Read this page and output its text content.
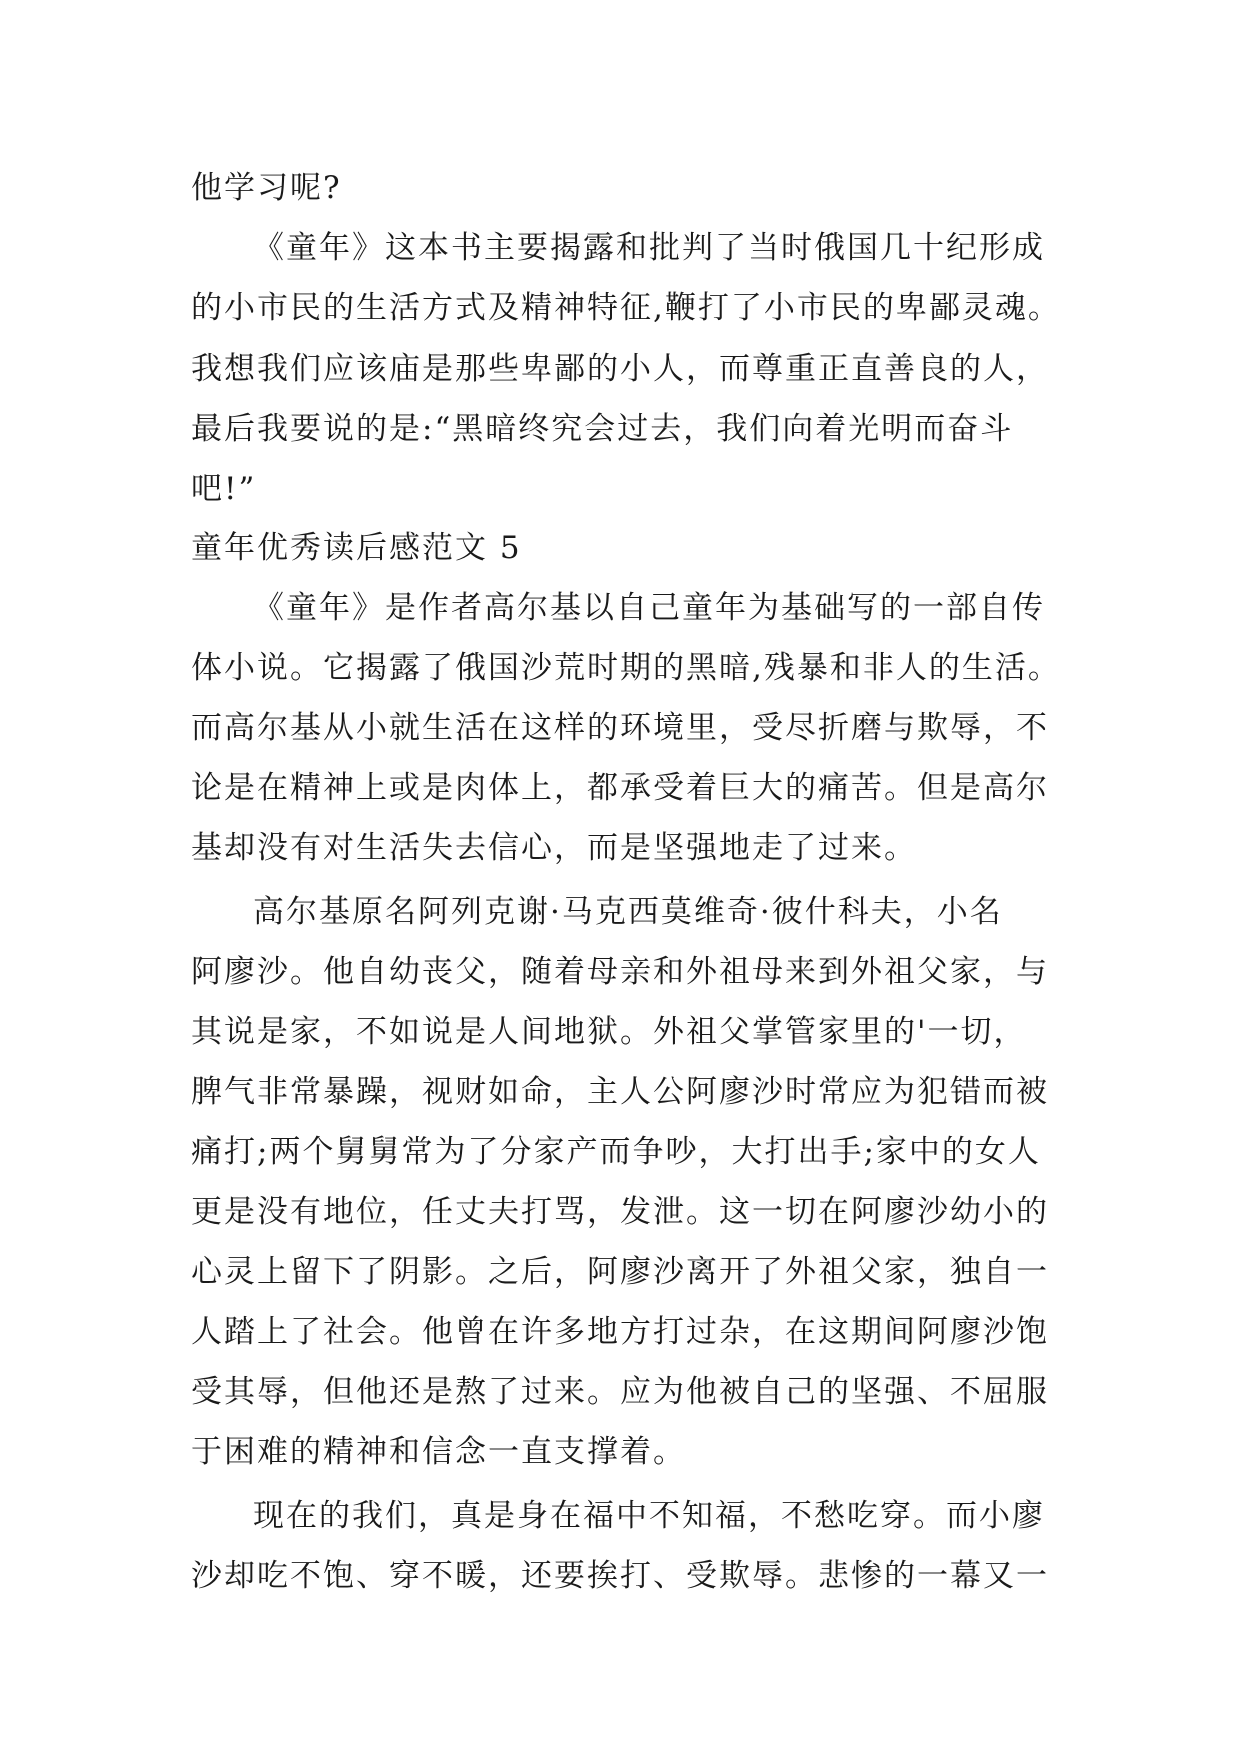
他学习呢?
《童年》这本书主要揭露和批判了当时俄国几十纪形成
的小市民的生活方式及精神特征,鞭打了小市民的卑鄙灵魂。
我想我们应该庙是那些卑鄙的小人，而尊重正直善良的人，
最后我要说的是:“黑暗终究会过去，我们向着光明而奋斗
吧!”
童年优秀读后感范文 5
《童年》是作者高尔基以自己童年为基础写的一部自传
体小说。它揭露了俄国沙荒时期的黑暗,残暴和非人的生活。
而高尔基从小就生活在这样的环境里，受尽折磨与欺辱，不
论是在精神上或是肉体上，都承受着巨大的痛苦。但是高尔
基却没有对生活失去信心，而是坚强地走了过来。
高尔基原名阿列克谢·马克西莫维奇·彼什科夫，小名
阿廖沙。他自幼丧父，随着母亲和外祖母来到外祖父家，与
其说是家，不如说是人间地狱。外祖父掌管家里的'一切，
脾气非常暴躁，视财如命，主人公阿廖沙时常应为犯错而被
痛打;两个舅舅常为了分家产而争吵，大打出手;家中的女人
更是没有地位，任丈夫打骂，发泄。这一切在阿廖沙幼小的
心灵上留下了阴影。之后，阿廖沙离开了外祖父家，独自一
人踏上了社会。他曾在许多地方打过杂，在这期间阿廖沙饱
受其辱，但他还是熬了过来。应为他被自己的坚强、不屈服
于困难的精神和信念一直支撑着。
现在的我们，真是身在福中不知福，不愁吃穿。而小廖
沙却吃不饱、穿不暖，还要挨打、受欺辱。悲惨的一幕又一
